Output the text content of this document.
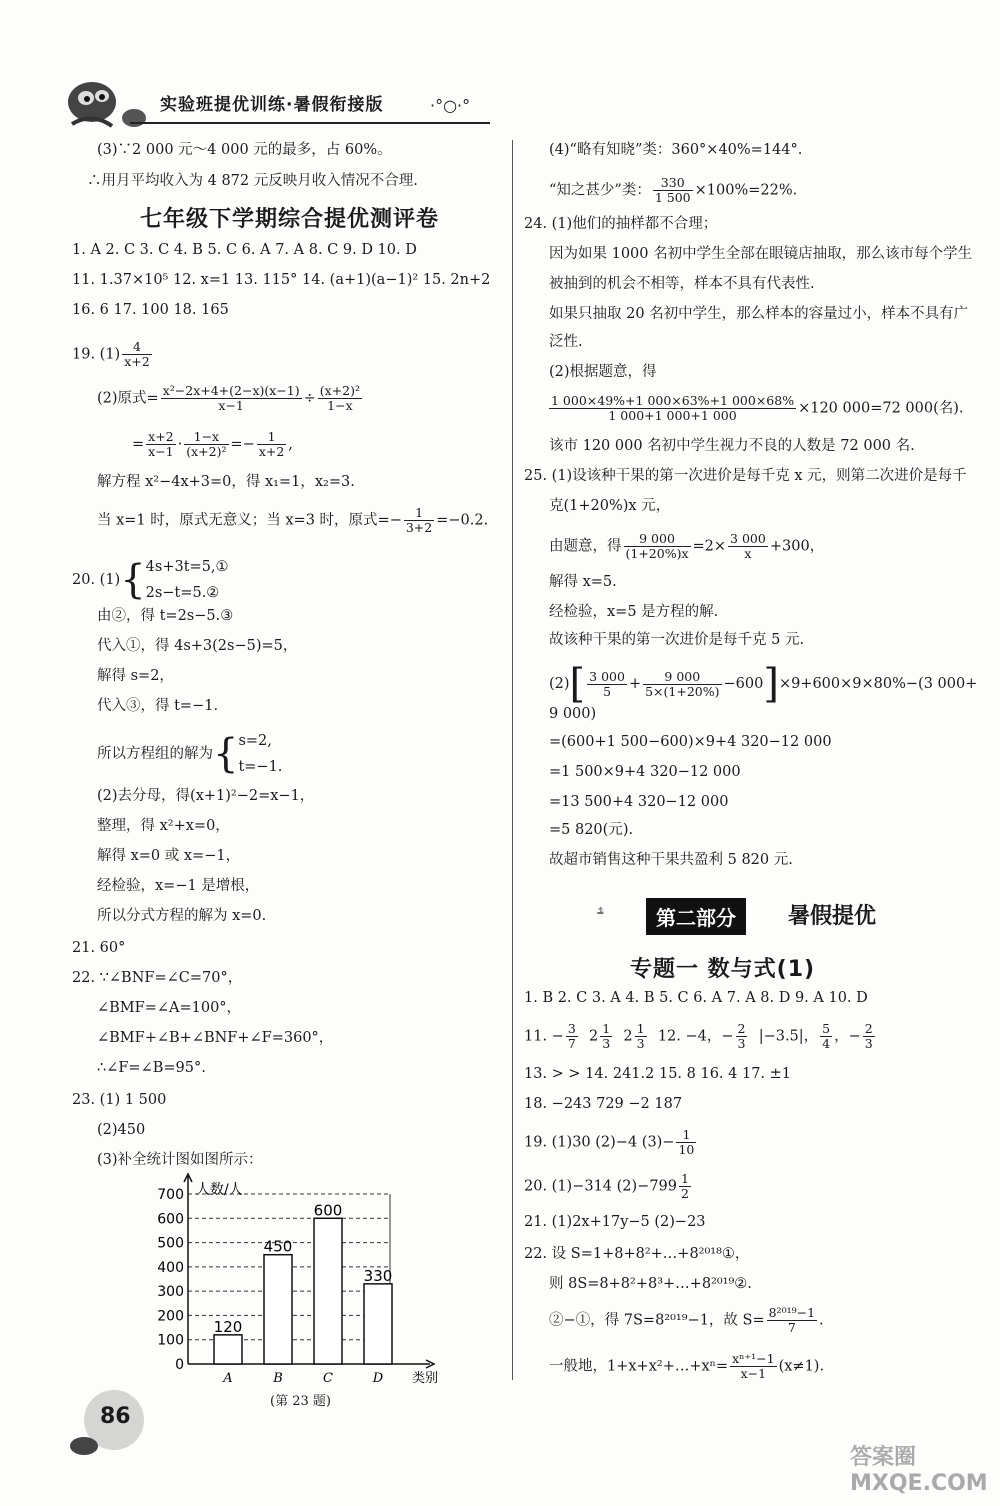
实验班提优训练·暑假衔接版	·°○·°
(3)∵2 000 元～4 000 元的最多，占 60%。
∴用月平均收入为 4 872 元反映月收入情况不合理.
七年级下学期综合提优测评卷
1. A 2. C 3. C 4. B 5. C 6. A 7. A 8. C 9. D 10. D
11. 1.37×10⁵ 12. x=1 13. 115° 14. (a+1)(a−1)² 15. 2n+2
16. 6 17. 100 18. 165
19. $(1) \frac{4}{x+2}$
(2)原式= $\frac{\text{x²−2x+4+(2−x)(x−1)}}{x-1} \div \frac{\text{(x+2)²}}{1-x}$
= $\frac{x+2}{x-1} \cdot \frac{1-x}{\text{(x+2)²}} =- \frac{1}{x+2}$ ,
解方程 x²−4x+3=0，得 x₁=1，x₂=3.
当 x=1 时，原式无意义；当 x=3 时，原式=− $\frac{1}{3+2} =-0.2$.
20. (1){ 4s+3t=5,①
2s−t=5.②
由②，得 t=2s−5.③
代入①，得 4s+3(2s−5)=5，
解得 s=2，
代入③，得 t=−1.
所以方程组的解为{ s=2,
t=−1.
(2)去分母，得(x+1)²−2=x−1，
整理，得 x²+x=0，
解得 x=0 或 x=−1，
经检验，x=−1 是增根，
所以分式方程的解为 x=0.
21. 60°
22. ∵∠BNF=∠C=70°，
∠BMF=∠A=100°，
∠BMF+∠B+∠BNF+∠F=360°，
∴∠F=∠B=95°.
23. (1) 1 500
(2)450
(3)补全统计图如图所示：
0
100
200
300
400
500
600
700 人数/人
类别
120
A
450
B
600
C
330
D
(第 23 题)
(4)“略有知晓”类：360°×40%=144°.
“知之甚少”类： $\frac{330}{1 500} \times 100\%=22\%$.
24. (1)他们的抽样都不合理；
因为如果 1000 名初中学生全部在眼镜店抽取，那么该市每个学生
被抽到的机会不相等，样本不具有代表性.
如果只抽取 20 名初中学生，那么样本的容量过小，样本不具有广
泛性.
(2)根据题意，得
$\frac{1 000\times 49\%+1 000\times 63\%+1 000\times 68\%}{1 000+1 000+1 000} \times 120$ 000=72 000(名).
该市 120 000 名初中学生视力不良的人数是 72 000 名.
25. (1)设该种干果的第一次进价是每千克 x 元，则第二次进价是每千
克(1+20%)x 元，
由题意，得 $\frac{9 000}{(1+20\%)x} =2\times \frac{3 000}{x} +300$，
解得 x=5.
经检验，x=5 是方程的解.
故该种干果的第一次进价是每千克 5 元.
$(2)[ \frac{3 000}{5} + \frac{9 000}{5\times(1+20\%)} -600]\times 9+600\times 9\times 80\%-(3$ 000+
9 000)
=(600+1 500−600)×9+4 320−12 000
=1 500×9+4 320−12 000
=13 500+4 320−12 000
=5 820(元).
故超市销售这种干果共盈利 5 820 元.
第二部分	暑假提优
专题一 数与式(1)
1. B 2. C 3. A 4. B 5. C 6. A 7. A 8. D 9. A 10. D
11. − $\frac{3}{7} 2 \frac{1}{3} 2 \frac{1}{3} 12$. −4，− $\frac{2}{3} |-3.5|$， $\frac{5}{4}$ ，− $\frac{2}{3}$
13. > > 14. 241.2 15. 8 16. 4 17. ±1
18. −243 729 −2 187
19. (1)30 (2)−4 $(3)- \frac{1}{10}$
20. (1)−314 $(2)-799 \frac{1}{2}$
21. (1)2x+17y−5 (2)−23
22. 设 S=1+8+8²+…+8²⁰¹⁸①，
则 8S=8+8²+8³+…+8²⁰¹⁹②.
②−①，得 7S=8²⁰¹⁹−1，故 $S= \frac{\text{8²⁰¹⁹−1}}{7}$ .
一般地，1+x+x²+…+xⁿ= $\frac{\text{xⁿ⁺¹−1}}{x-1} (x\ne 1)$.
86
答案圈 MXQE.COM
